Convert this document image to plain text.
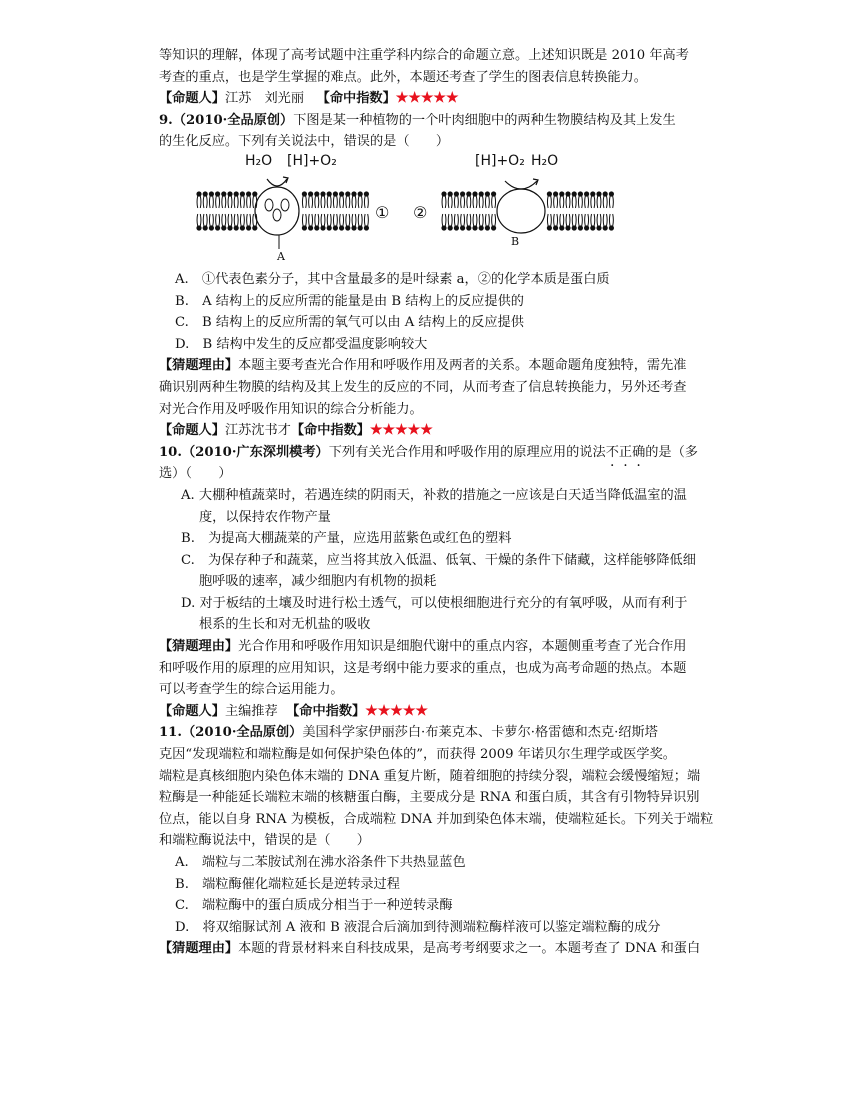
等知识的理解，体现了高考试题中注重学科内综合的命题立意。上述知识既是 2010 年高考
考查的重点，也是学生掌握的难点。此外，本题还考查了学生的图表信息转换能力。
【命题人】江苏　刘光丽 【命中指数】★★★★★
9.（2010·全品原创）下图是某一种植物的一个叶肉细胞中的两种生物膜结构及其上发生
的生化反应。下列有关说法中，错误的是（　　）
H₂O [H]+O₂	[H]+O₂ H₂O
① ②
A
B
A.　①代表色素分子，其中含量最多的是叶绿素 a，②的化学本质是蛋白质
B.　A 结构上的反应所需的能量是由 B 结构上的反应提供的
C.　B 结构上的反应所需的氧气可以由 A 结构上的反应提供
D.　B 结构中发生的反应都受温度影响较大
【猜题理由】本题主要考查光合作用和呼吸作用及两者的关系。本题命题角度独特，需先准
确识别两种生物膜的结构及其上发生的反应的不同，从而考查了信息转换能力，另外还考查
对光合作用及呼吸作用知识的综合分析能力。
【命题人】江苏沈书才【命中指数】★★★★★
10.（2010·广东深圳模考）下列有关光合作用和呼吸作用的原理应用的说法不正确的是（多
选）（　　）
A. 大棚种植蔬菜时，若遇连续的阴雨天，补救的措施之一应该是白天适当降低温室的温
度，以保持农作物产量
B.　为提高大棚蔬菜的产量，应选用蓝紫色或红色的塑料
C.　为保存种子和蔬菜，应当将其放入低温、低氧、干燥的条件下储藏，这样能够降低细
胞呼吸的速率，减少细胞内有机物的损耗
D. 对于板结的土壤及时进行松土透气，可以使根细胞进行充分的有氧呼吸，从而有利于
根系的生长和对无机盐的吸收
【猜题理由】光合作用和呼吸作用知识是细胞代谢中的重点内容，本题侧重考查了光合作用
和呼吸作用的原理的应用知识，这是考纲中能力要求的重点，也成为高考命题的热点。本题
可以考查学生的综合运用能力。
【命题人】主编推荐 【命中指数】★★★★★
11.（2010·全品原创）美国科学家伊丽莎白·布莱克本、卡萝尔·格雷德和杰克·绍斯塔
克因“发现端粒和端粒酶是如何保护染色体的”，而获得 2009 年诺贝尔生理学或医学奖。
端粒是真核细胞内染色体末端的 DNA 重复片断，随着细胞的持续分裂，端粒会缓慢缩短；端
粒酶是一种能延长端粒末端的核糖蛋白酶，主要成分是 RNA 和蛋白质，其含有引物特异识别
位点，能以自身 RNA 为模板，合成端粒 DNA 并加到染色体末端，使端粒延长。下列关于端粒
和端粒酶说法中，错误的是（　　）
A.　端粒与二苯胺试剂在沸水浴条件下共热显蓝色
B.　端粒酶催化端粒延长是逆转录过程
C.　端粒酶中的蛋白质成分相当于一种逆转录酶
D.　将双缩脲试剂 A 液和 B 液混合后滴加到待测端粒酶样液可以鉴定端粒酶的成分
【猜题理由】本题的背景材料来自科技成果，是高考考纲要求之一。本题考查了 DNA 和蛋白
